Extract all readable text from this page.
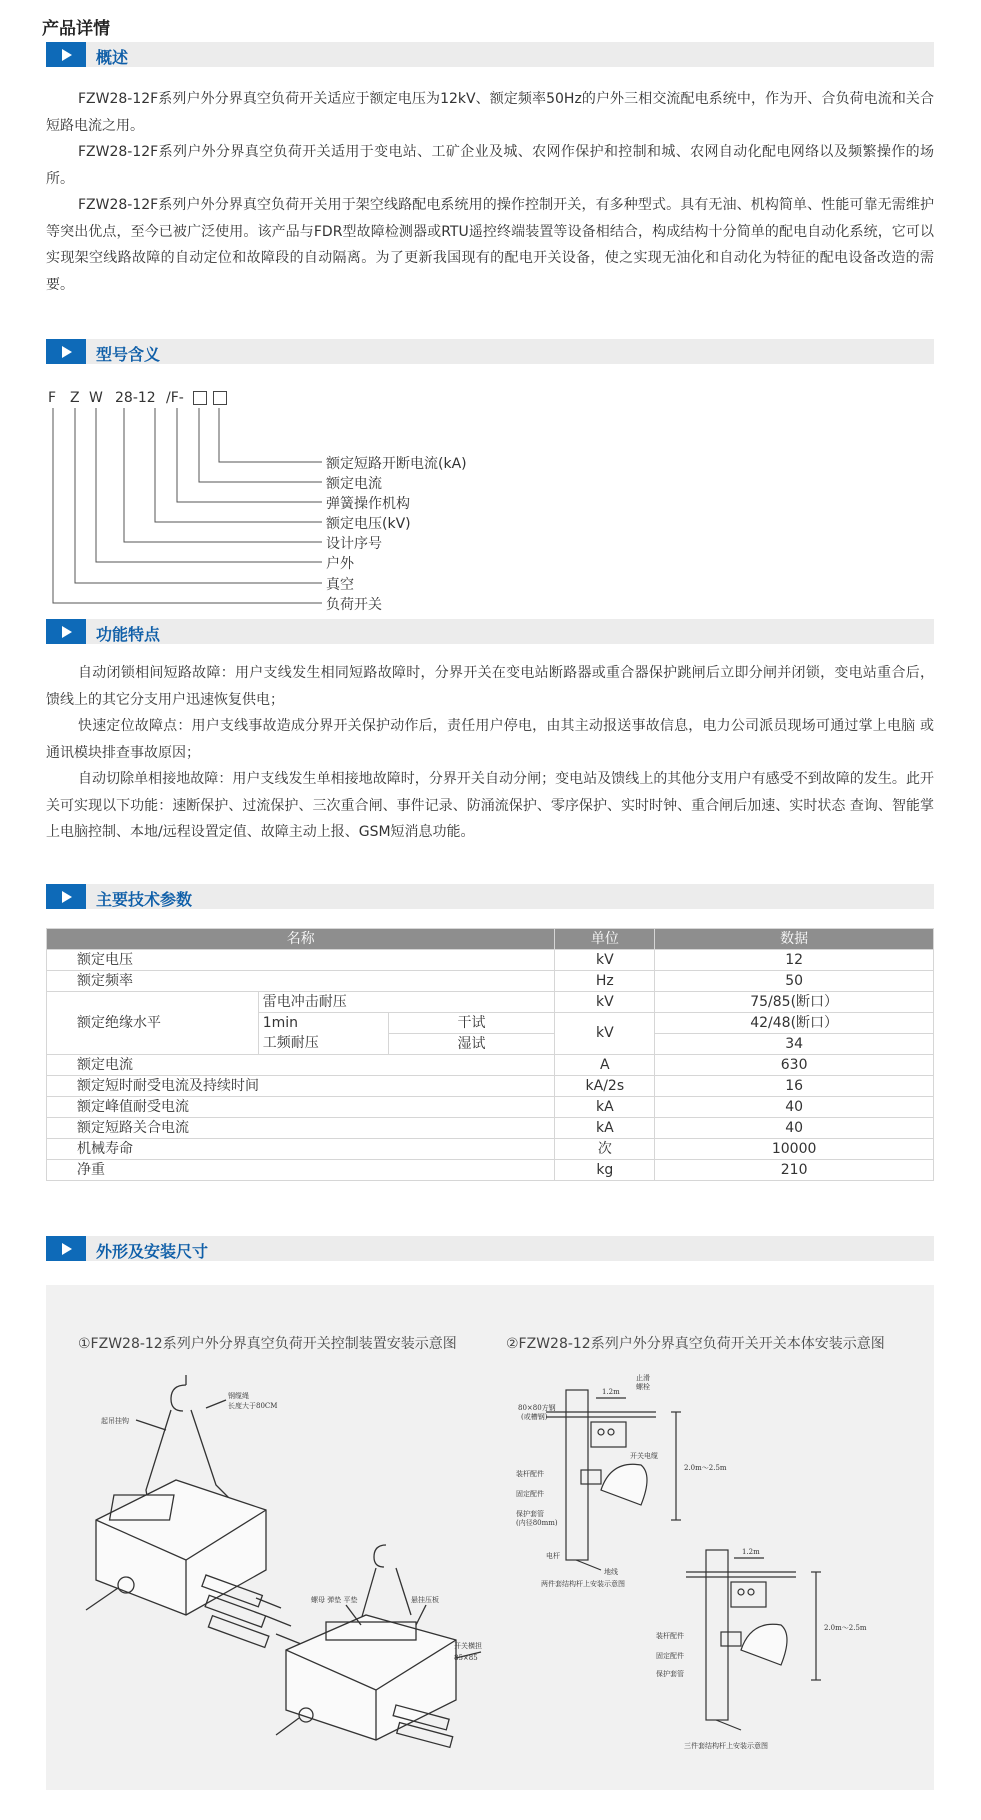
产品详情
概述

FZW28-12F系列户外分界真空负荷开关适应于额定电压为12kV、额定频率50Hz的户外三相交流配电系统中，作为开、合负荷电流和关合短路电流之用。

FZW28-12F系列户外分界真空负荷开关适用于变电站、工矿企业及城、农网作保护和控制和城、农网自动化配电网络以及频繁操作的场所。

FZW28-12F系列户外分界真空负荷开关用于架空线路配电系统用的操作控制开关，有多种型式。具有无油、机构简单、性能可靠无需维护等突出优点，至今已被广泛使用。该产品与FDR型故障检测器或RTU遥控终端装置等设备相结合，构成结构十分简单的配电自动化系统，它可以实现架空线路故障的自动定位和故障段的自动隔离。为了更新我国现有的配电开关设备，使之实现无油化和自动化为特征的配电设备改造的需要。

型号含义
F Z W 28-12 /F-
额定短路开断电流(kA)
额定电流
弹簧操作机构
额定电压(kV)
设计序号
户外
真空
负荷开关
功能特点

自动闭锁相间短路故障：用户支线发生相同短路故障时，分界开关在变电站断路器或重合器保护跳闸后立即分闸并闭锁，变电站重合后， 馈线上的其它分支用户迅速恢复供电；

快速定位故障点：用户支线事故造成分界开关保护动作后，责任用户停电，由其主动报送事故信息，电力公司派员现场可通过掌上电脑 或通讯模块排查事故原因；

自动切除单相接地故障：用户支线发生单相接地故障时，分界开关自动分闸；变电站及馈线上的其他分支用户有感受不到故障的发生。此开关可实现以下功能：速断保护、过流保护、三次重合闸、事件记录、防涌流保护、零序保护、实时时钟、重合闸后加速、实时状态 查询、智能掌上电脑控制、本地/远程设置定值、故障主动上报、GSM短消息功能。

主要技术参数
名称			单位	数据
额定电压			kV	12
额定频率			Hz	50
额定绝缘水平	雷电冲击耐压		kV	75/85(断口）
	1min	干试	kV	42/48(断口）
	工频耐压	湿试		34
额定电流			A	630
额定短时耐受电流及持续时间			kA/2s	16
额定峰值耐受电流			kA	40
额定短路关合电流			kA	40
机械寿命			次	10000
净重			kg	210
外形及安装尺寸
①FZW28-12系列户外分界真空负荷开关控制装置安装示意图	②FZW28-12系列户外分界真空负荷开关开关本体安装示意图
起吊挂钩
钢缆绳
长度大于80CM
螺母 弹垫 平垫	悬挂压板
开关横担
85×85
80×80方钢
(或槽钢)
1.2m
止滑
螺栓
开关电缆
装杆配件
固定配件
保护套管
(内径80mm)
电杆
地线
2.0m～2.5m
两件套结构杆上安装示意图
1.2m
装杆配件
固定配件
保护套管
2.0m～2.5m
三件套结构杆上安装示意图
